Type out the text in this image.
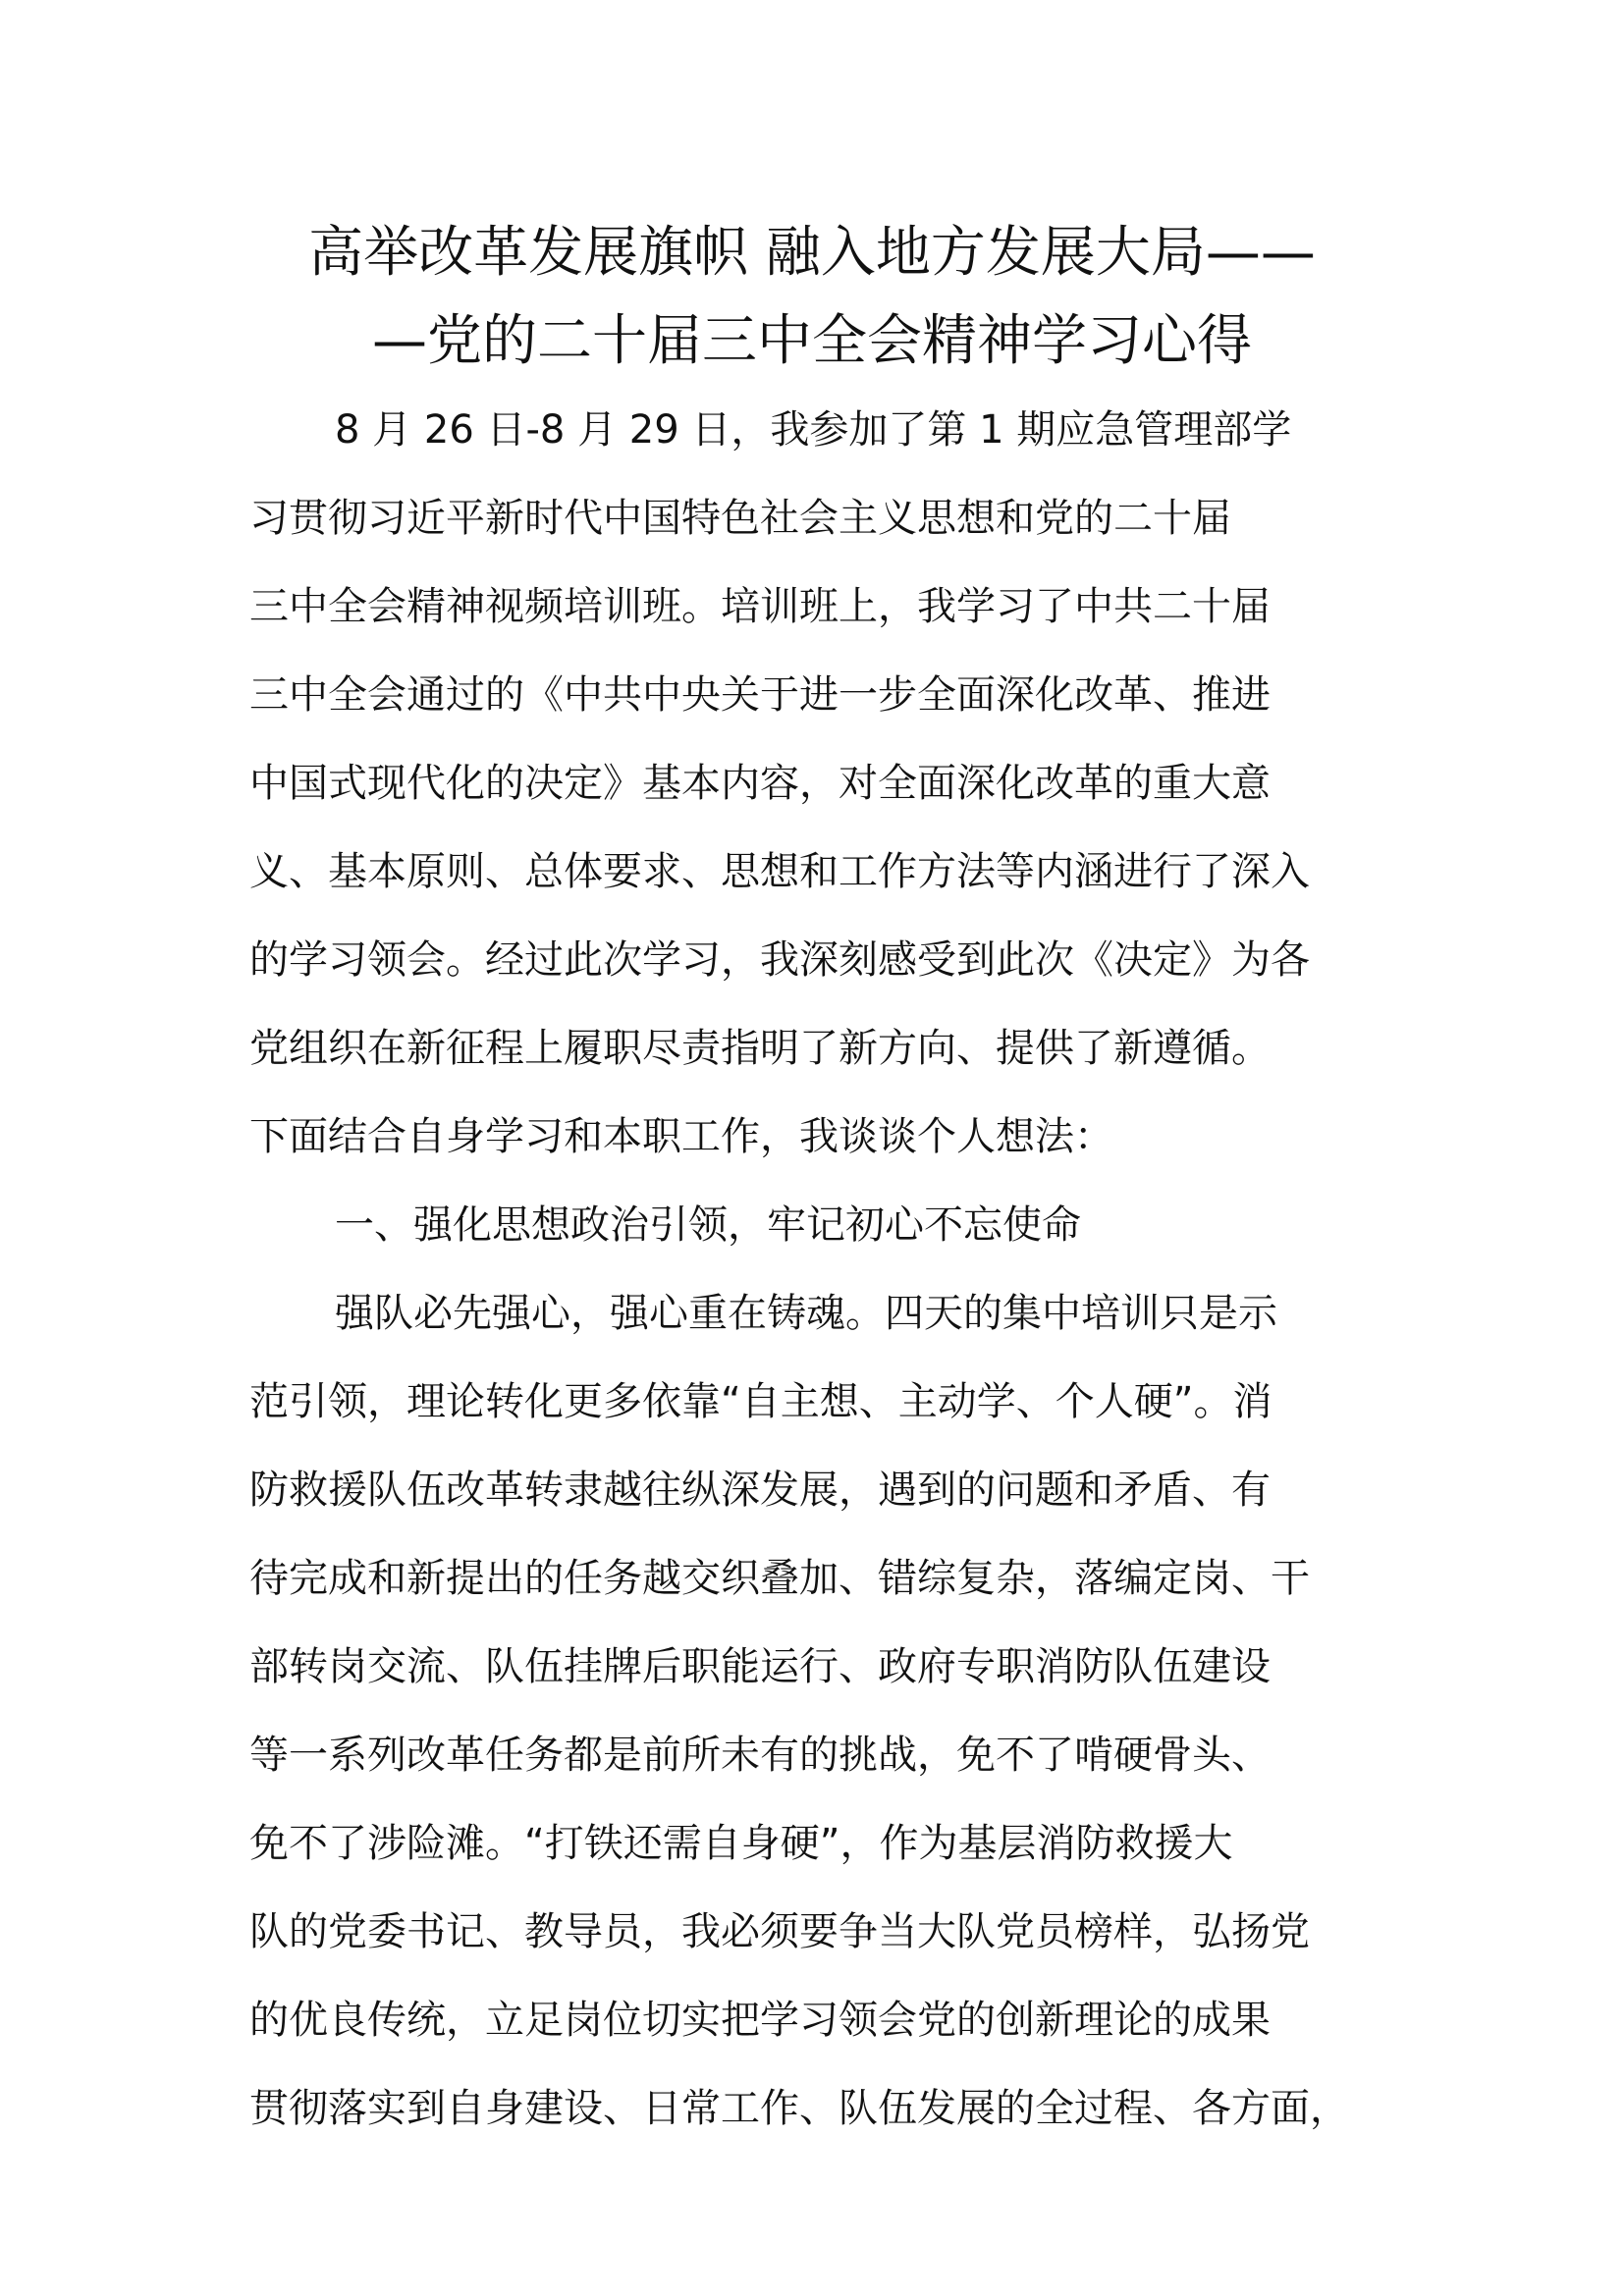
高举改革发展旗帜 融入地方发展大局——
—党的二十届三中全会精神学习心得

8 月 26 日-8 月 29 日，我参加了第 1 期应急管理部学

习贯彻习近平新时代中国特色社会主义思想和党的二十届

三中全会精神视频培训班。培训班上，我学习了中共二十届

三中全会通过的《中共中央关于进一步全面深化改革、推进

中国式现代化的决定》基本内容，对全面深化改革的重大意

义、基本原则、总体要求、思想和工作方法等内涵进行了深入

的学习领会。经过此次学习，我深刻感受到此次《决定》为各

党组织在新征程上履职尽责指明了新方向、提供了新遵循。

下面结合自身学习和本职工作，我谈谈个人想法：

一、强化思想政治引领，牢记初心不忘使命

强队必先强心，强心重在铸魂。四天的集中培训只是示

范引领，理论转化更多依靠“自主想、主动学、个人硬”。消

防救援队伍改革转隶越往纵深发展，遇到的问题和矛盾、有

待完成和新提出的任务越交织叠加、错综复杂，落编定岗、干

部转岗交流、队伍挂牌后职能运行、政府专职消防队伍建设

等一系列改革任务都是前所未有的挑战，免不了啃硬骨头、

免不了涉险滩。“打铁还需自身硬”，作为基层消防救援大

队的党委书记、教导员，我必须要争当大队党员榜样，弘扬党

的优良传统，立足岗位切实把学习领会党的创新理论的成果

贯彻落实到自身建设、日常工作、队伍发展的全过程、各方面，
